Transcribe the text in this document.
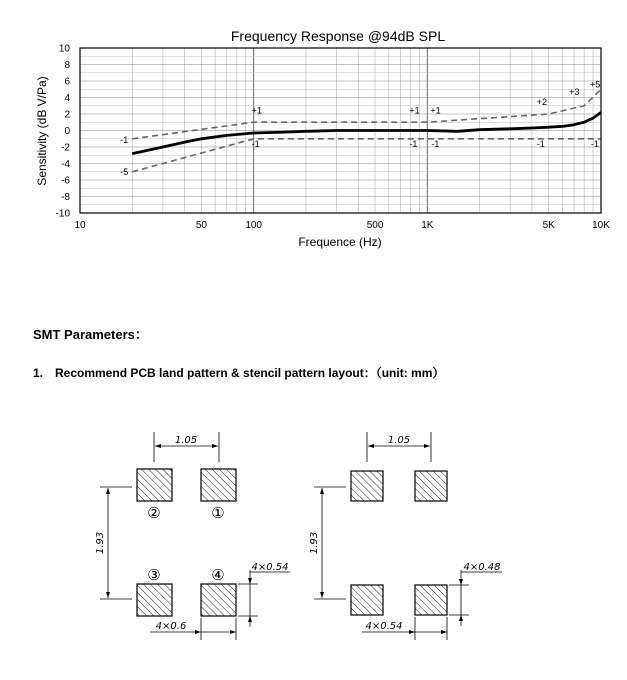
Frequency Response @94dB SPL
Sensitivity (dB V/Pa)
Frequence (Hz)
10
8
6
4
2
0
-2
-4
-6
-8
-10
10	50	100	500	1K	5K	10K
-1
-5
+1
-1
+1 +1
-1 -1
+2
-1
+3
+5
-1
SMT Parameters：
1. Recommend PCB land pattern & stencil pattern layout：（unit: mm）
1.05
1.93
②	①
③	④	4×0.54
4×0.6
1.05
1.93
4×0.48
4×0.54
